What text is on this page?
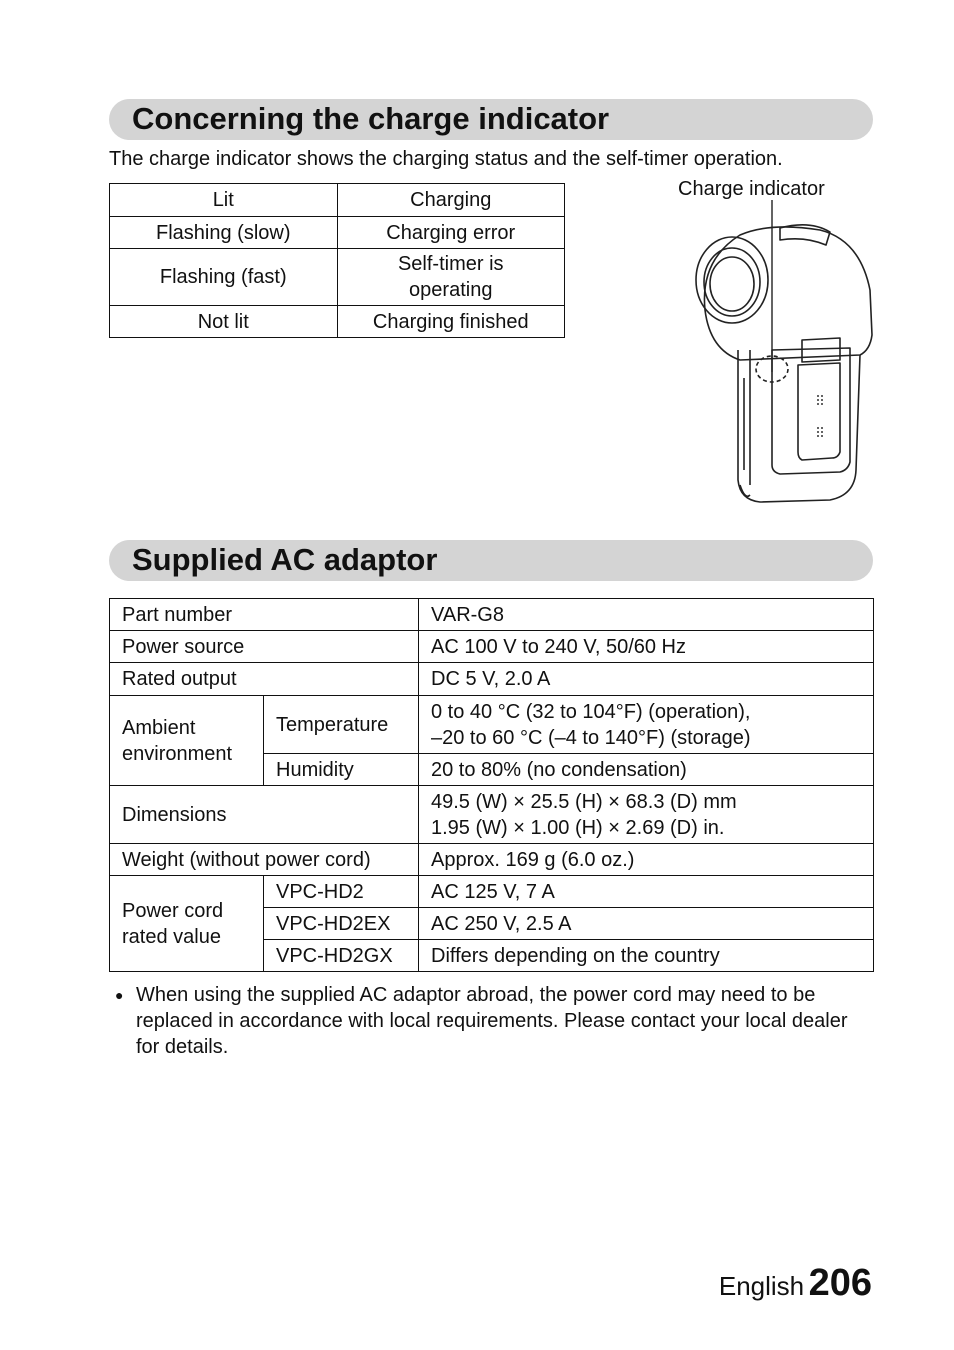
Concerning the charge indicator
The charge indicator shows the charging status and the self-timer operation.
Lit	Charging
Flashing (slow)	Charging error
Flashing (fast)	Self-timer is operating
Not lit	Charging finished
Charge indicator
Supplied AC adaptor
Part number		VAR-G8
Power source		AC 100 V to 240 V, 50/60 Hz
Rated output		DC 5 V, 2.0 A
Ambient environment	Temperature	0 to 40 °C (32 to 104°F) (operation),
–20 to 60 °C (–4 to 140°F) (storage)

	Humidity	20 to 80% (no condensation)
Dimensions		49.5 (W) × 25.5 (H) × 68.3 (D) mm
1.95 (W) × 1.00 (H) × 2.69 (D) in.

Weight (without power cord)		Approx. 169 g (6.0 oz.)
Power cord rated value	VPC-HD2	AC 125 V, 7 A
	VPC-HD2EX	AC 250 V, 2.5 A
	VPC-HD2GX	Differs depending on the country
● When using the supplied AC adaptor abroad, the power cord may need to be replaced in accordance with local requirements. Please contact your local dealer for details.
English 206
